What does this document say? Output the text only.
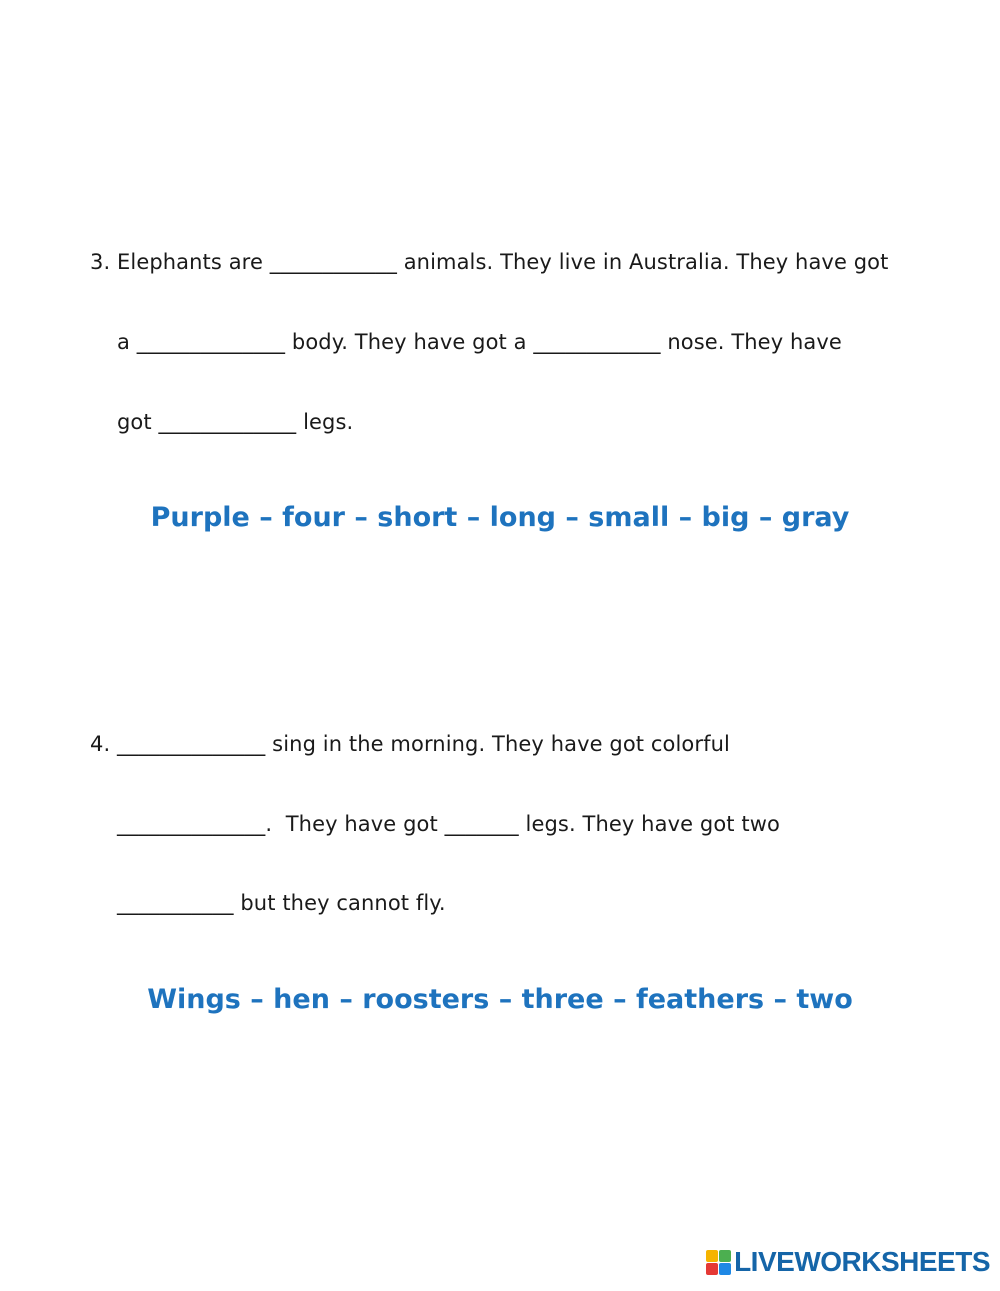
3. Elephants are ____________ animals. They live in Australia. They have got
a ______________ body. They have got a ____________ nose. They have
got _____________ legs.
Purple – four – short – long – small – big – gray
4. ______________ sing in the morning. They have got colorful
______________.  They have got _______ legs. They have got two
___________ but they cannot fly.
Wings – hen – roosters – three – feathers – two
LIVEWORKSHEETS
